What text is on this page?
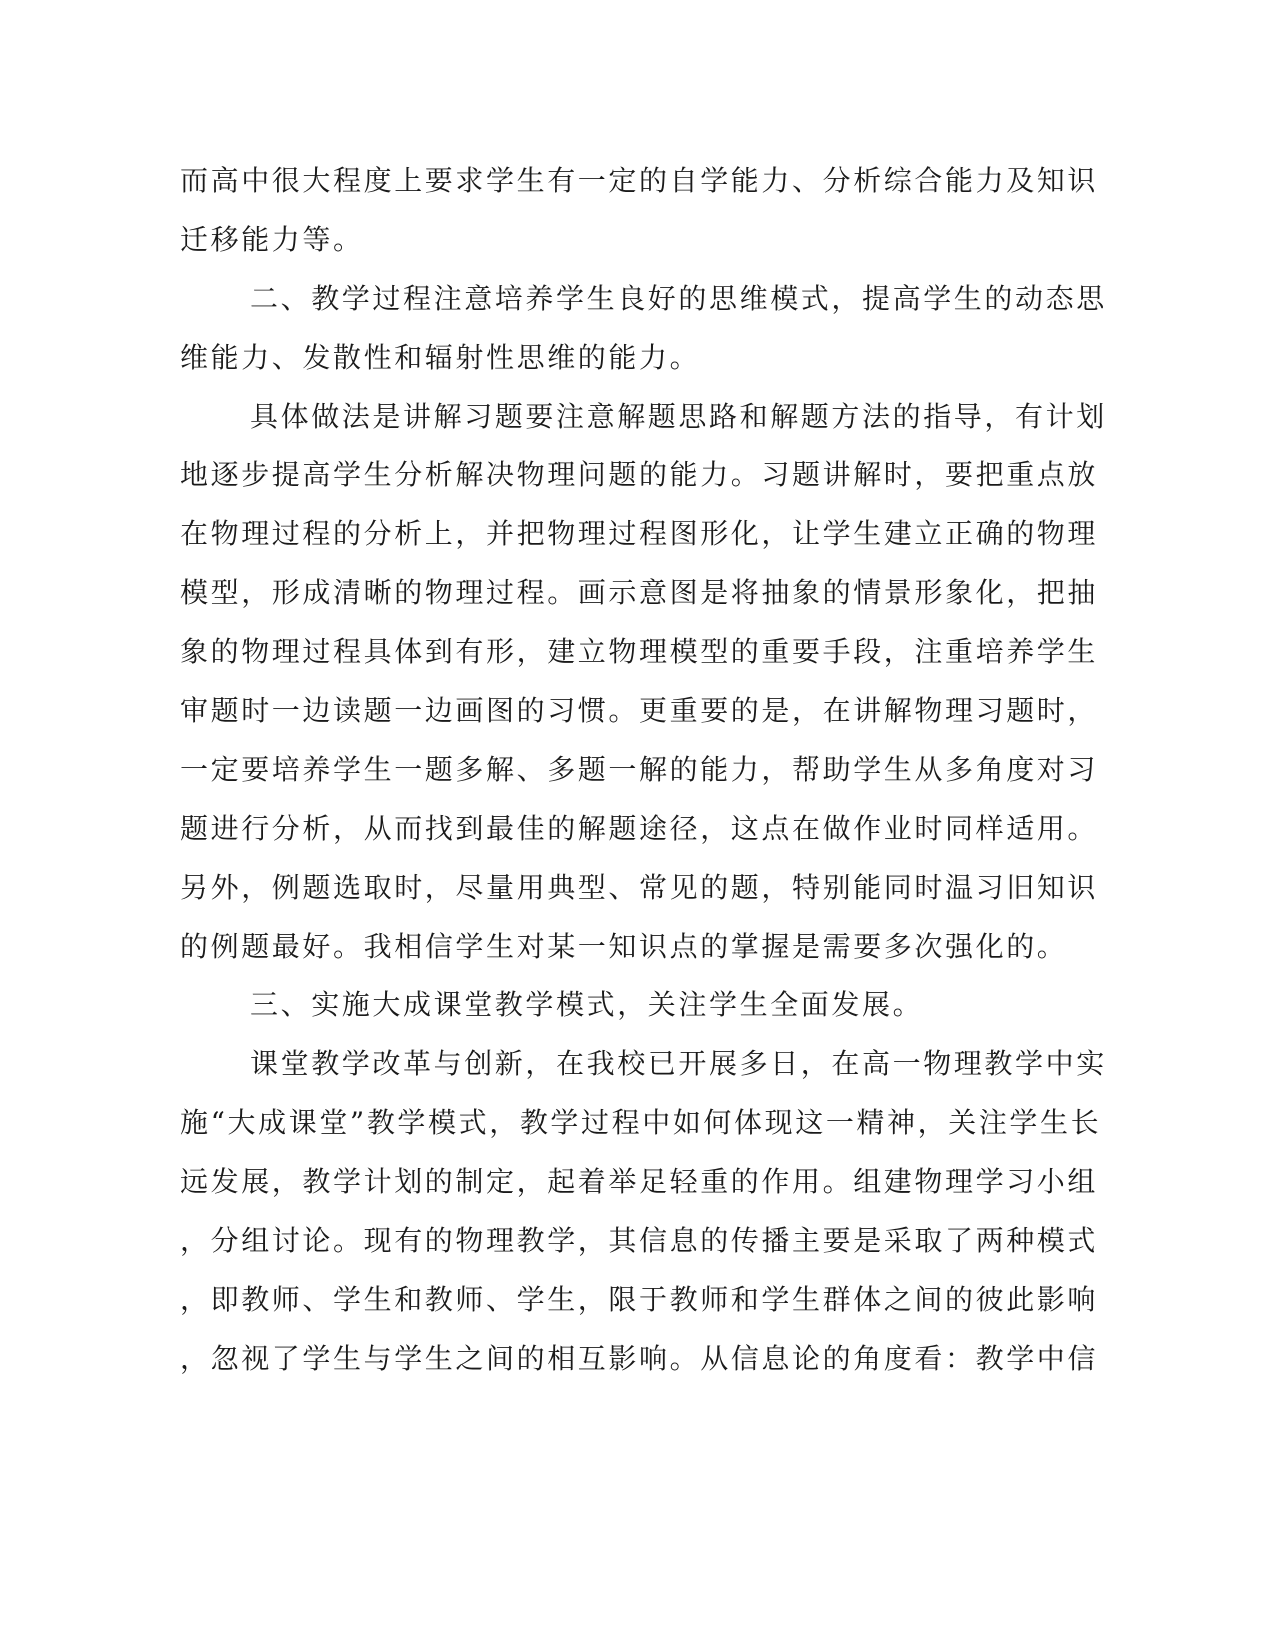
而高中很大程度上要求学生有一定的自学能力、分析综合能力及知识
迁移能力等。
二、教学过程注意培养学生良好的思维模式，提高学生的动态思
维能力、发散性和辐射性思维的能力。
具体做法是讲解习题要注意解题思路和解题方法的指导，有计划
地逐步提高学生分析解决物理问题的能力。习题讲解时，要把重点放
在物理过程的分析上，并把物理过程图形化，让学生建立正确的物理
模型，形成清晰的物理过程。画示意图是将抽象的情景形象化，把抽
象的物理过程具体到有形，建立物理模型的重要手段，注重培养学生
审题时一边读题一边画图的习惯。更重要的是，在讲解物理习题时，
一定要培养学生一题多解、多题一解的能力，帮助学生从多角度对习
题进行分析，从而找到最佳的解题途径，这点在做作业时同样适用。
另外，例题选取时，尽量用典型、常见的题，特别能同时温习旧知识
的例题最好。我相信学生对某一知识点的掌握是需要多次强化的。
三、实施大成课堂教学模式，关注学生全面发展。
课堂教学改革与创新，在我校已开展多日，在高一物理教学中实
施“大成课堂”教学模式，教学过程中如何体现这一精神，关注学生长
远发展，教学计划的制定，起着举足轻重的作用。组建物理学习小组
，分组讨论。现有的物理教学，其信息的传播主要是采取了两种模式
，即教师、学生和教师、学生，限于教师和学生群体之间的彼此影响
，忽视了学生与学生之间的相互影响。从信息论的角度看：教学中信
